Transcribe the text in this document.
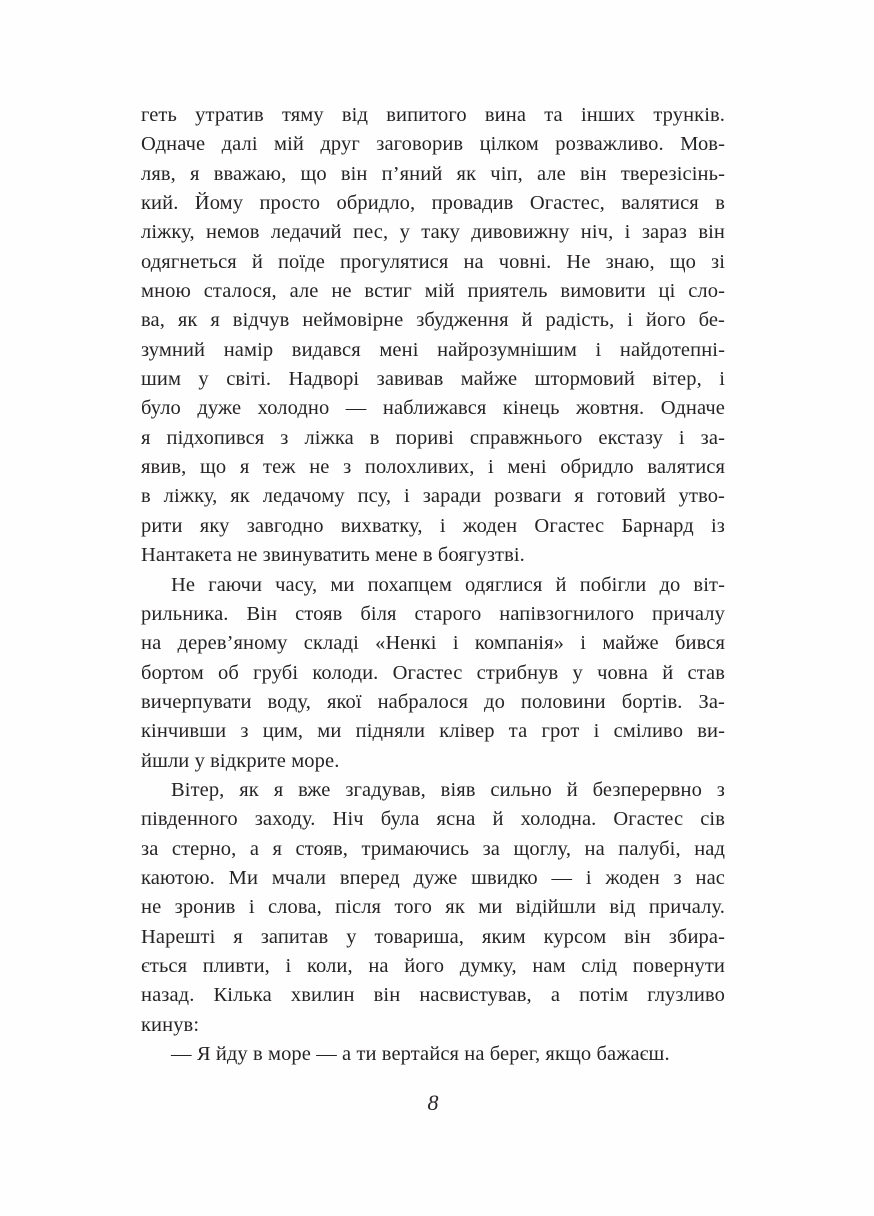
геть утратив тяму від випитого вина та інших трунків.
Одначе далі мій друг заговорив цілком розважливо. Мов-
ляв, я вважаю, що він п’яний як чіп, але він тверезісінь-
кий. Йому просто обридло, провадив Огастес, валятися в
ліжку, немов ледачий пес, у таку дивовижну ніч, і зараз він
одягнеться й поїде прогулятися на човні. Не знаю, що зі
мною сталося, але не встиг мій приятель вимовити ці сло-
ва, як я відчув неймовірне збудження й радість, і його бе-
зумний намір видався мені найрозумнішим і найдотепні-
шим у світі. Надворі завивав майже штормовий вітер, і
було дуже холодно — наближався кінець жовтня. Одначе
я підхопився з ліжка в пориві справжнього екстазу і за-
явив, що я теж не з полохливих, і мені обридло валятися
в ліжку, як ледачому псу, і заради розваги я готовий утво-
рити яку завгодно вихватку, і жоден Огастес Барнард із
Нантакета не звинуватить мене в боягузтві.
Не гаючи часу, ми похапцем одяглися й побігли до віт-
рильника. Він стояв біля старого напівзогнилого причалу
на дерев’яному складі «Ненкі і компанія» і майже бився
бортом об грубі колоди. Огастес стрибнув у човна й став
вичерпувати воду, якої набралося до половини бортів. За-
кінчивши з цим, ми підняли клівер та грот і сміливо ви-
йшли у відкрите море.
Вітер, як я вже згадував, віяв сильно й безперервно з
південного заходу. Ніч була ясна й холодна. Огастес сів
за стерно, а я стояв, тримаючись за щоглу, на палубі, над
каютою. Ми мчали вперед дуже швидко — і жоден з нас
не зронив і слова, після того як ми відійшли від причалу.
Нарешті я запитав у товариша, яким курсом він збира-
ється пливти, і коли, на його думку, нам слід повернути
назад. Кілька хвилин він насвистував, а потім глузливо
кинув:
— Я йду в море — а ти вертайся на берег, якщо бажаєш.
8
